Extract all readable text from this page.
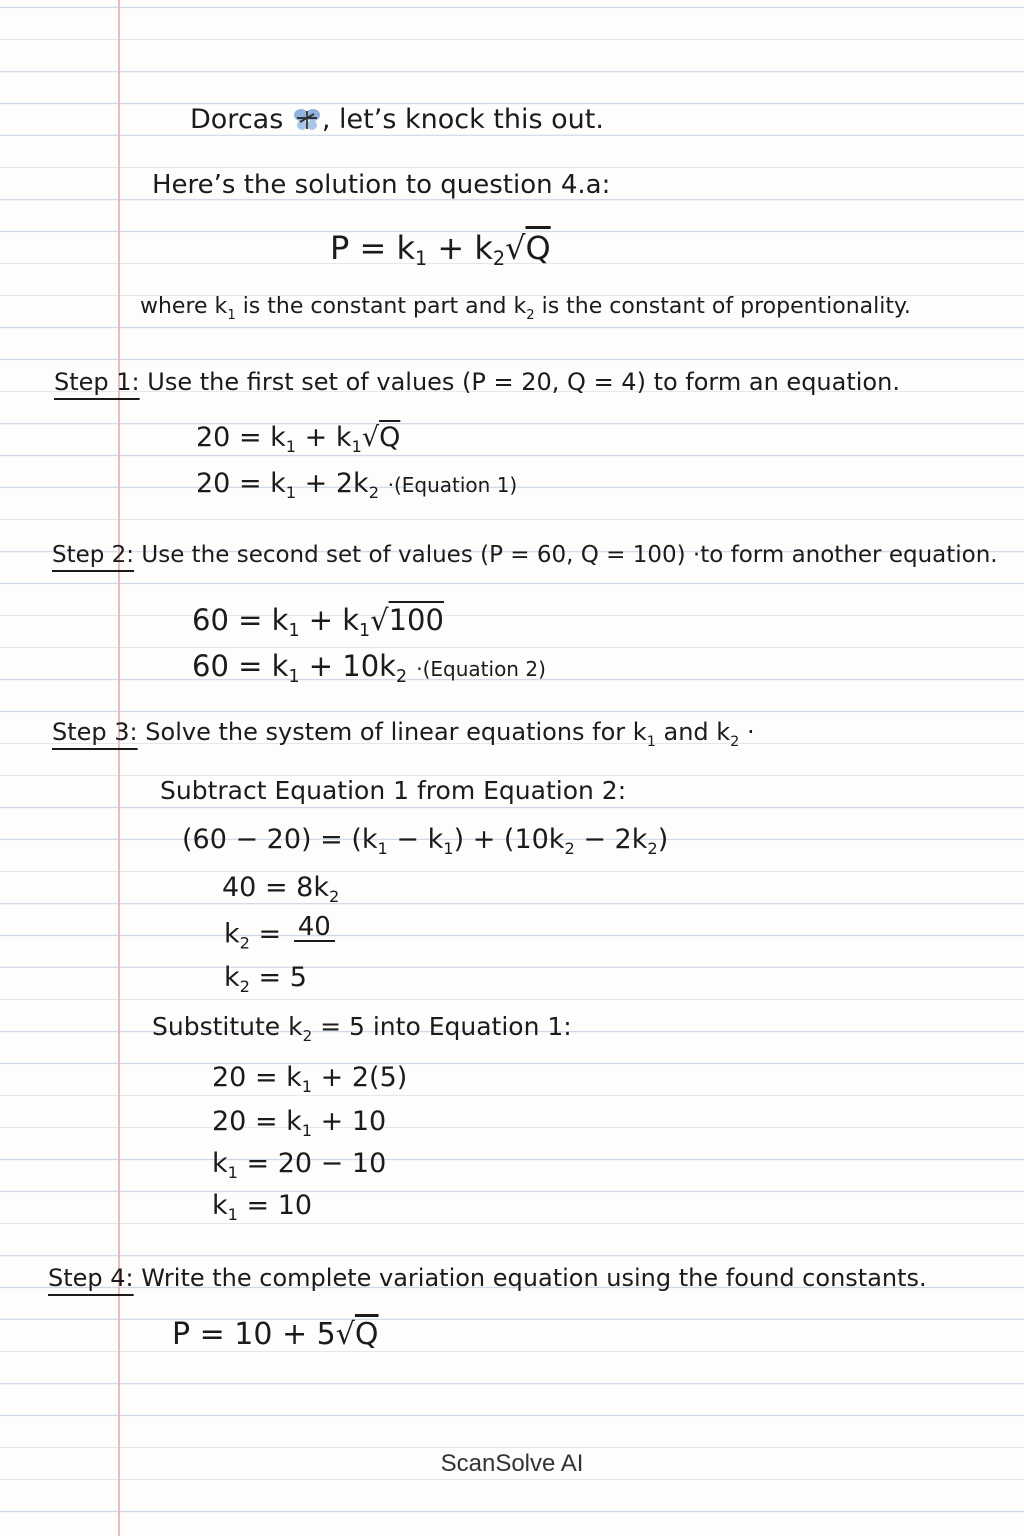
Dorcas , let’s knock this out.
Here’s the solution to question 4.a:
$P = k_1 + k_2√Q$
where $k_1$ is the constant part and $k_2$ is the constant of propentionality.
Step 1: Use the first set of values (P = 20, Q = 4) to form an equation.
$20 = k_1 + k_1√Q$
$20 = k_1 + 2k_2$ ·(Equation 1)
Step 2: Use the second set of values (P = 60, Q = 100) ·to form another equation.
$60 = k_1 + k_1√100$
$60 = k_1 + 10k_2$ ·(Equation 2)
Step 3: Solve the system of linear equations for $k_1$ and $k_2$ ·
Subtract Equation 1 from Equation 2:
$(60 - 20) = (k_1 - k_1) + (10k_2 - 2k_2)$
$40 = 8k_2$
$k_2 = 40$
$k_2 = 5$
Substitute $k_2 = 5$ into Equation 1:
$20 = k_1 + 2(5)$
$20 = k_1 + 10$
$k_1 = 20 - 10$
$k_1 = 10$
Step 4: Write the complete variation equation using the found constants.
P = 10 + 5√Q
ScanSolve AI
